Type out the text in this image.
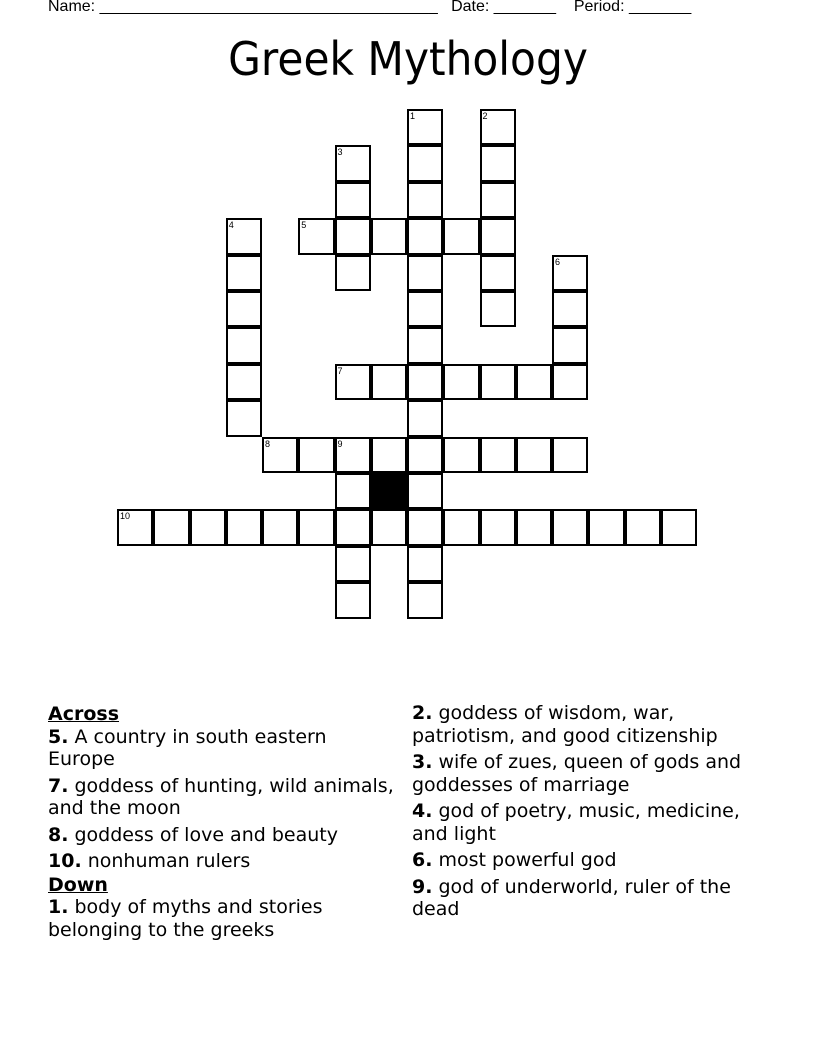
Name: ______________________________________ Date: _______ Period: _______
Greek Mythology
1	2
3
4	5
6
7
8	9
10
Across
5. A country in south eastern Europe
7. goddess of hunting, wild animals, and the moon
8. goddess of love and beauty
10. nonhuman rulers
Down
1. body of myths and stories belonging to the greeks
2. goddess of wisdom, war, patriotism, and good citizenship
3. wife of zues, queen of gods and goddesses of marriage
4. god of poetry, music, medicine, and light
6. most powerful god
9. god of underworld, ruler of the dead
